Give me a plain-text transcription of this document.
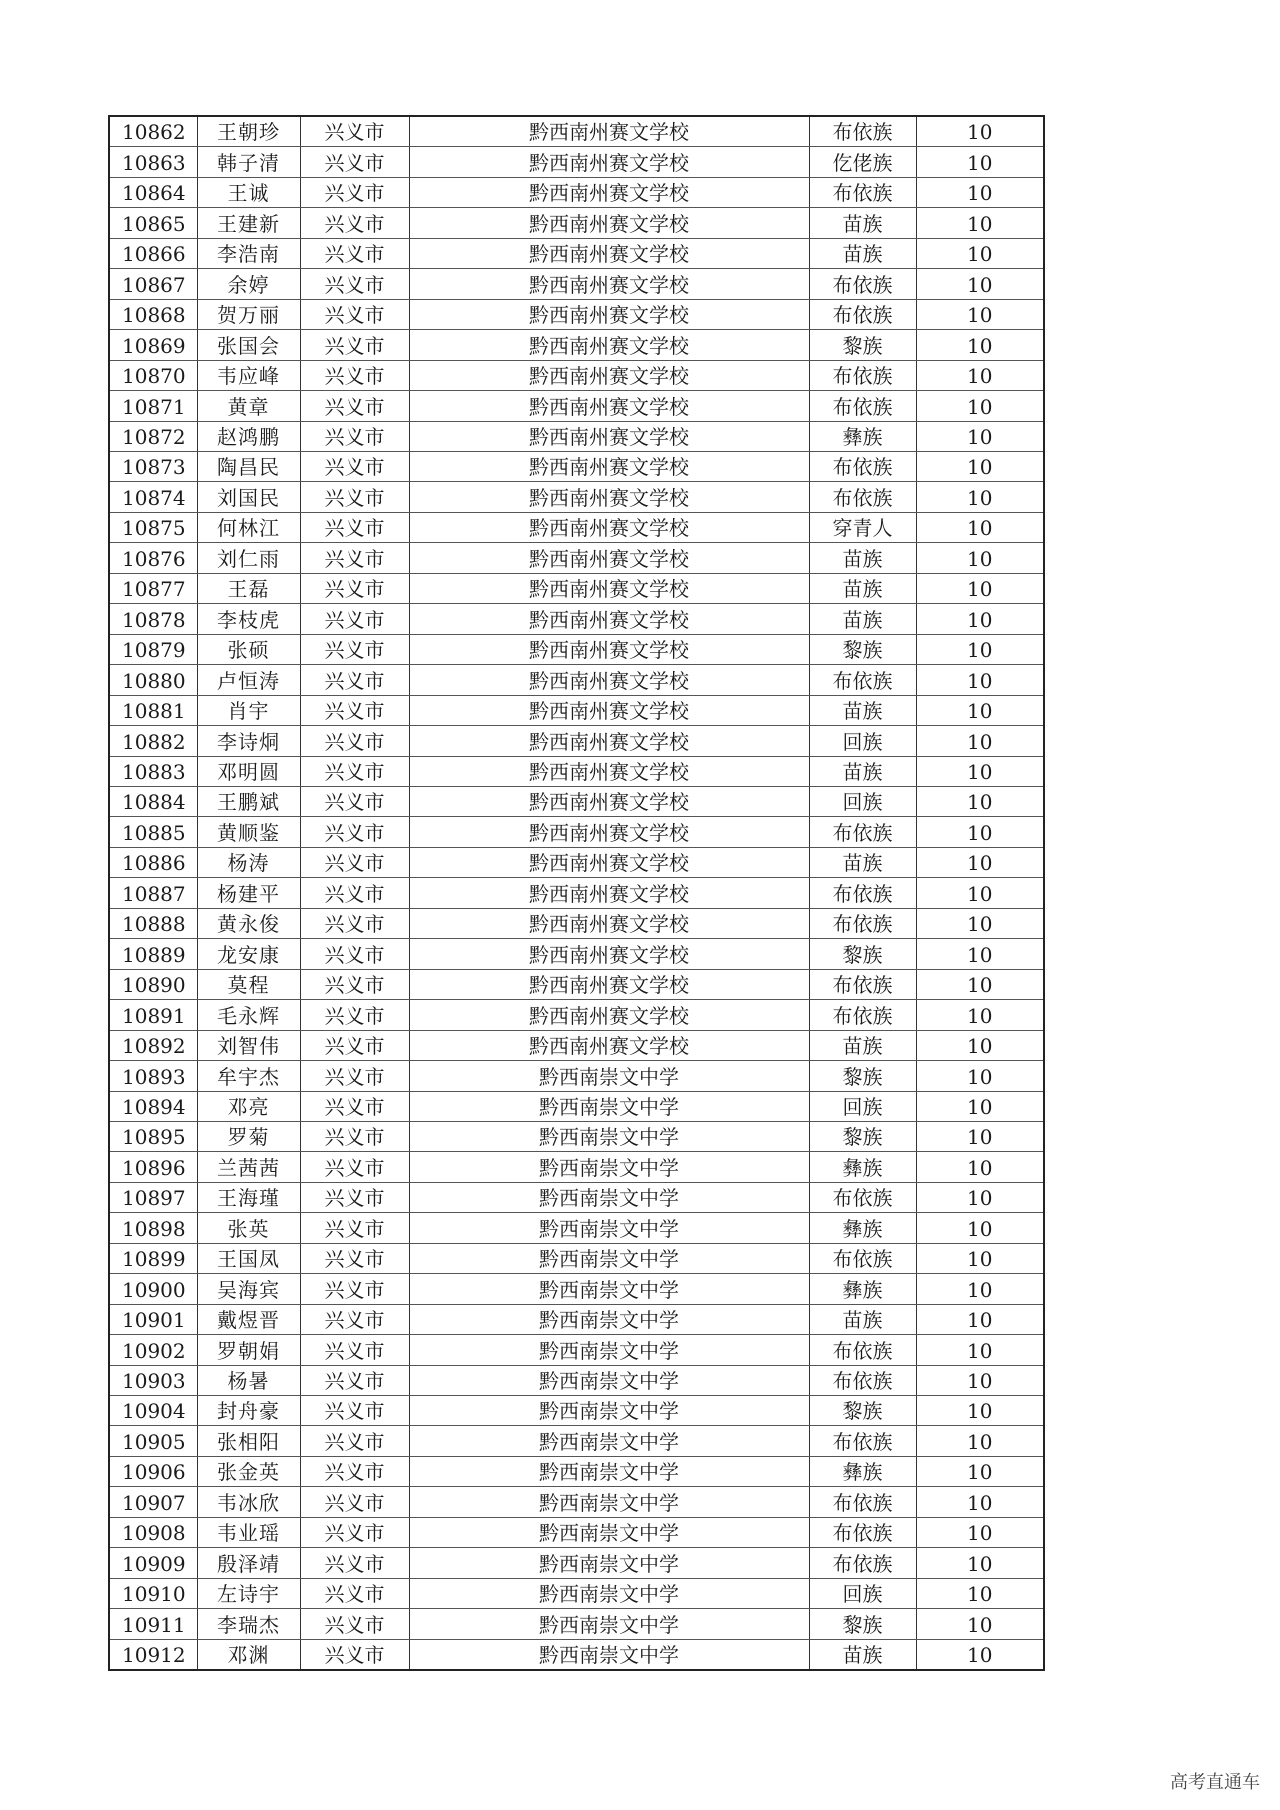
10862	王朝珍	兴义市	黔西南州赛文学校	布依族	10
10863	韩子清	兴义市	黔西南州赛文学校	仡佬族	10
10864	王诚	兴义市	黔西南州赛文学校	布依族	10
10865	王建新	兴义市	黔西南州赛文学校	苗族	10
10866	李浩南	兴义市	黔西南州赛文学校	苗族	10
10867	余婷	兴义市	黔西南州赛文学校	布依族	10
10868	贺万丽	兴义市	黔西南州赛文学校	布依族	10
10869	张国会	兴义市	黔西南州赛文学校	黎族	10
10870	韦应峰	兴义市	黔西南州赛文学校	布依族	10
10871	黄章	兴义市	黔西南州赛文学校	布依族	10
10872	赵鸿鹏	兴义市	黔西南州赛文学校	彝族	10
10873	陶昌民	兴义市	黔西南州赛文学校	布依族	10
10874	刘国民	兴义市	黔西南州赛文学校	布依族	10
10875	何林江	兴义市	黔西南州赛文学校	穿青人	10
10876	刘仁雨	兴义市	黔西南州赛文学校	苗族	10
10877	王磊	兴义市	黔西南州赛文学校	苗族	10
10878	李枝虎	兴义市	黔西南州赛文学校	苗族	10
10879	张硕	兴义市	黔西南州赛文学校	黎族	10
10880	卢恒涛	兴义市	黔西南州赛文学校	布依族	10
10881	肖宇	兴义市	黔西南州赛文学校	苗族	10
10882	李诗烔	兴义市	黔西南州赛文学校	回族	10
10883	邓明圆	兴义市	黔西南州赛文学校	苗族	10
10884	王鹏斌	兴义市	黔西南州赛文学校	回族	10
10885	黄顺鉴	兴义市	黔西南州赛文学校	布依族	10
10886	杨涛	兴义市	黔西南州赛文学校	苗族	10
10887	杨建平	兴义市	黔西南州赛文学校	布依族	10
10888	黄永俊	兴义市	黔西南州赛文学校	布依族	10
10889	龙安康	兴义市	黔西南州赛文学校	黎族	10
10890	莫程	兴义市	黔西南州赛文学校	布依族	10
10891	毛永辉	兴义市	黔西南州赛文学校	布依族	10
10892	刘智伟	兴义市	黔西南州赛文学校	苗族	10
10893	牟宇杰	兴义市	黔西南崇文中学	黎族	10
10894	邓亮	兴义市	黔西南崇文中学	回族	10
10895	罗菊	兴义市	黔西南崇文中学	黎族	10
10896	兰茜茜	兴义市	黔西南崇文中学	彝族	10
10897	王海瑾	兴义市	黔西南崇文中学	布依族	10
10898	张英	兴义市	黔西南崇文中学	彝族	10
10899	王国凤	兴义市	黔西南崇文中学	布依族	10
10900	吴海宾	兴义市	黔西南崇文中学	彝族	10
10901	戴煜晋	兴义市	黔西南崇文中学	苗族	10
10902	罗朝娟	兴义市	黔西南崇文中学	布依族	10
10903	杨暑	兴义市	黔西南崇文中学	布依族	10
10904	封舟豪	兴义市	黔西南崇文中学	黎族	10
10905	张相阳	兴义市	黔西南崇文中学	布依族	10
10906	张金英	兴义市	黔西南崇文中学	彝族	10
10907	韦冰欣	兴义市	黔西南崇文中学	布依族	10
10908	韦业瑶	兴义市	黔西南崇文中学	布依族	10
10909	殷泽靖	兴义市	黔西南崇文中学	布依族	10
10910	左诗宇	兴义市	黔西南崇文中学	回族	10
10911	李瑞杰	兴义市	黔西南崇文中学	黎族	10
10912	邓渊	兴义市	黔西南崇文中学	苗族	10
高考直通车
